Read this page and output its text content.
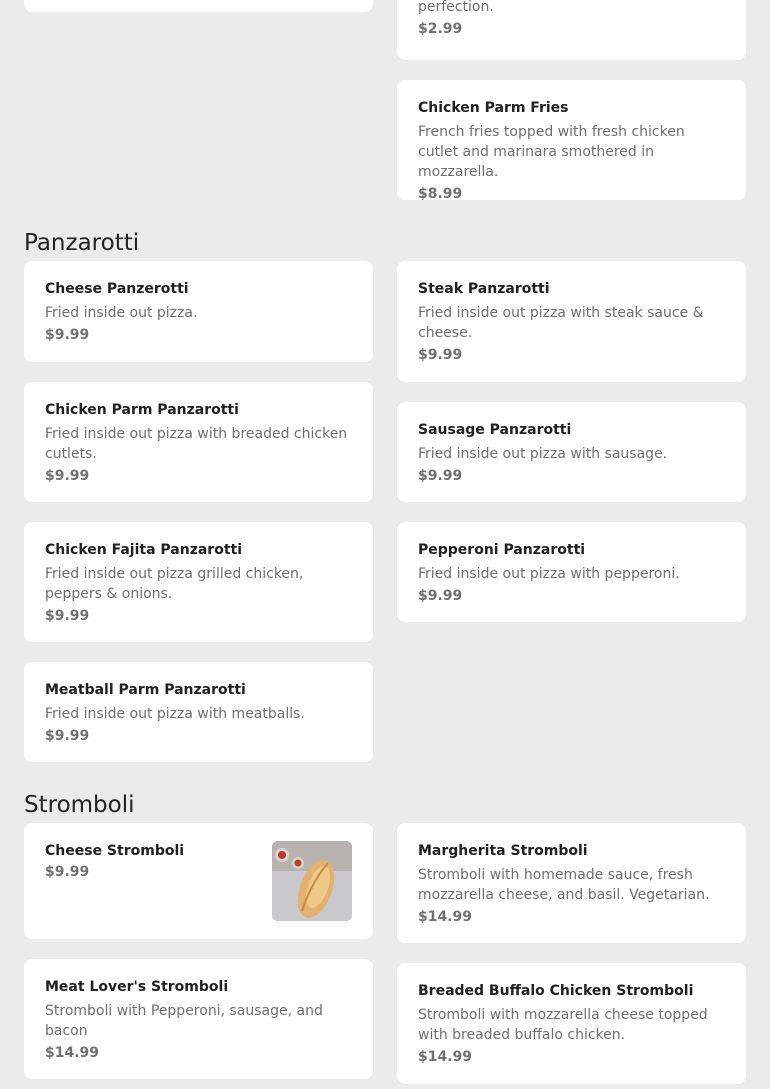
perfection.
$2.99
Chicken Parm Fries
French fries topped with fresh chicken cutlet and marinara smothered in mozzarella.
$8.99
Panzarotti
Cheese Panzerotti
Fried inside out pizza.
$9.99
Steak Panzarotti
Fried inside out pizza with steak sauce & cheese.
$9.99
Chicken Parm Panzarotti
Fried inside out pizza with breaded chicken cutlets.
$9.99
Sausage Panzarotti
Fried inside out pizza with sausage.
$9.99
Chicken Fajita Panzarotti
Fried inside out pizza grilled chicken, peppers & onions.
$9.99
Pepperoni Panzarotti
Fried inside out pizza with pepperoni.
$9.99
Meatball Parm Panzarotti
Fried inside out pizza with meatballs.
$9.99
Stromboli
Cheese Stromboli
$9.99
Margherita Stromboli
Stromboli with homemade sauce, fresh mozzarella cheese, and basil. Vegetarian.
$14.99
Meat Lover's Stromboli
Stromboli with Pepperoni, sausage, and bacon
$14.99
Breaded Buffalo Chicken Stromboli
Stromboli with mozzarella cheese topped with breaded buffalo chicken.
$14.99
